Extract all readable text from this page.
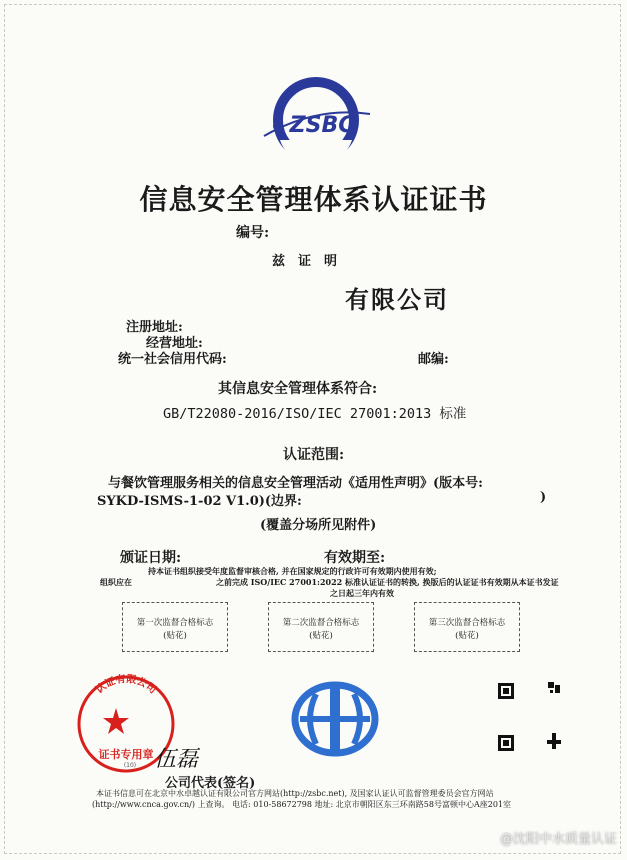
ZSBC
信息安全管理体系认证证书
编号:
兹　证　明
有限公司
注册地址:
经营地址:
统一社会信用代码:	邮编:
其信息安全管理体系符合:
GB/T22080-2016/ISO/IEC 27001:2013 标准
认证范围:
与餐饮管理服务相关的信息安全管理活动《适用性声明》(版本号:
SYKD-ISMS-1-02 V1.0)(边界:	)
(覆盖分场所见附件)
颁证日期:	有效期至:
持本证书组织接受年度监督审核合格, 并在国家规定的行政许可有效期内使用有效;
组织应在	之前完成 ISO/IEC 27001:2022 标准认证证书的转换, 换版后的认证证书有效期从本证书发证
之日起三年内有效
第一次监督合格标志
(贴花)
第二次监督合格标志
(贴花)
第三次监督合格标志
(贴花)
认证有限公司
证书专用章
(10) 伍磊
公司代表(签名)
本证书信息可在北京中水卓越认证有限公司官方网站(http://zsbc.net), 及国家认证认可监督管理委员会官方网站
(http://www.cnca.gov.cn/) 上查询。 电话: 010-58672798 地址: 北京市朝阳区东三环南路58号富顿中心A座201室
@沈阳中水质量认证
